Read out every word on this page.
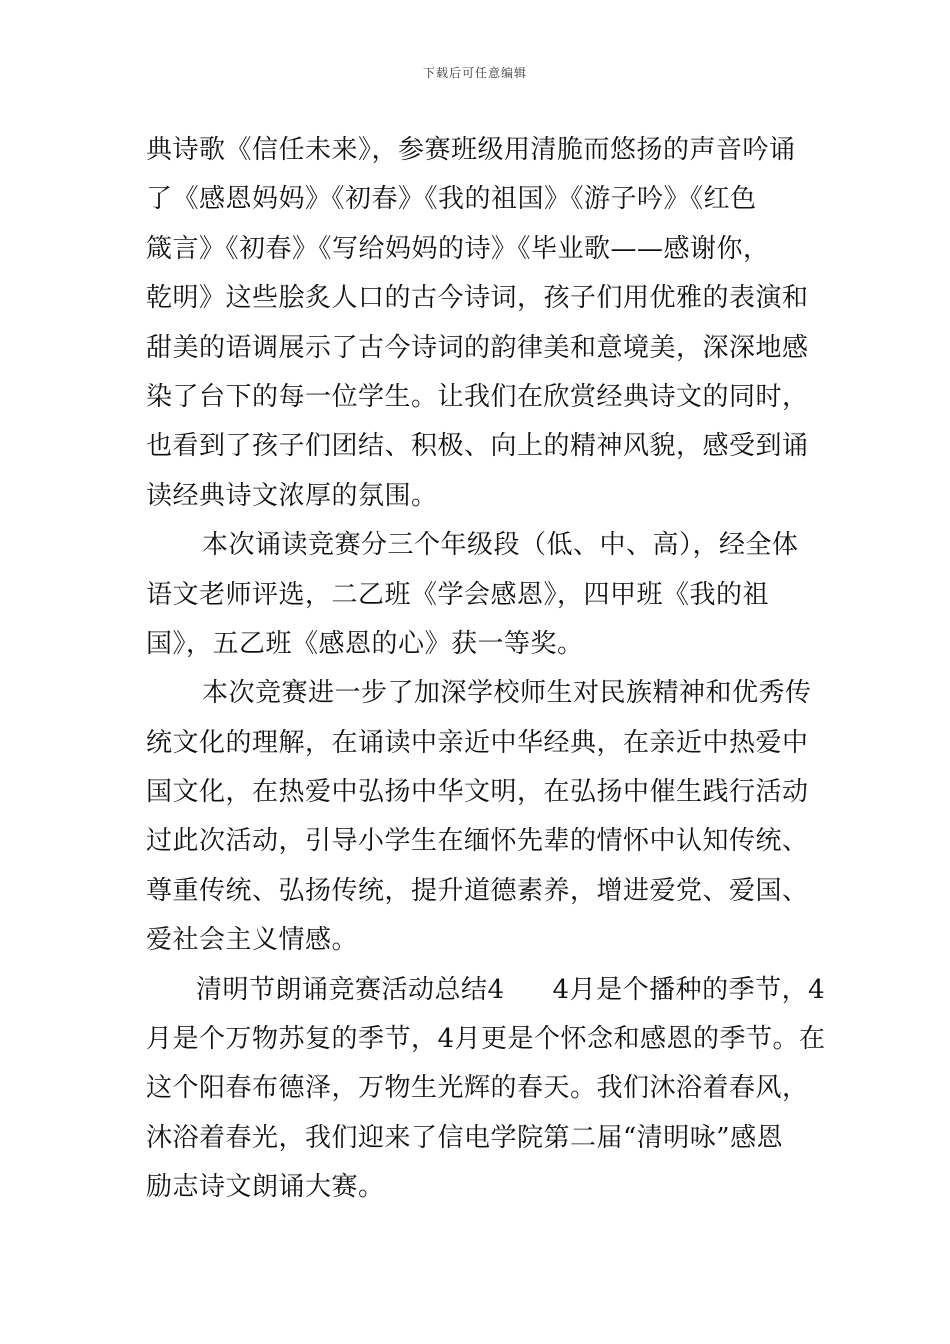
下载后可任意编辑
典诗歌《信任未来》，参赛班级用清脆而悠扬的声音吟诵
了《感恩妈妈》《初春》《我的祖国》《游子吟》《红色
箴言》《初春》《写给妈妈的诗》《毕业歌——感谢你，
乾明》这些脍炙人口的古今诗词，孩子们用优雅的表演和
甜美的语调展示了古今诗词的韵律美和意境美，深深地感
染了台下的每一位学生。让我们在欣赏经典诗文的同时，
也看到了孩子们团结、积极、向上的精神风貌，感受到诵
读经典诗文浓厚的氛围。
本次诵读竞赛分三个年级段（低、中、高），经全体
语文老师评选，二乙班《学会感恩》，四甲班《我的祖
国》，五乙班《感恩的心》获一等奖。
本次竞赛进一步了加深学校师生对民族精神和优秀传
统文化的理解，在诵读中亲近中华经典，在亲近中热爱中
国文化，在热爱中弘扬中华文明，在弘扬中催生践行活动
过此次活动，引导小学生在缅怀先辈的情怀中认知传统、
尊重传统、弘扬传统，提升道德素养，增进爱党、爱国、
爱社会主义情感。
清明节朗诵竞赛活动总结4 4月是个播种的季节，4
月是个万物苏复的季节，4月更是个怀念和感恩的季节。在
这个阳春布德泽，万物生光辉的春天。我们沐浴着春风，
沐浴着春光，我们迎来了信电学院第二届“清明咏”感恩
励志诗文朗诵大赛。
